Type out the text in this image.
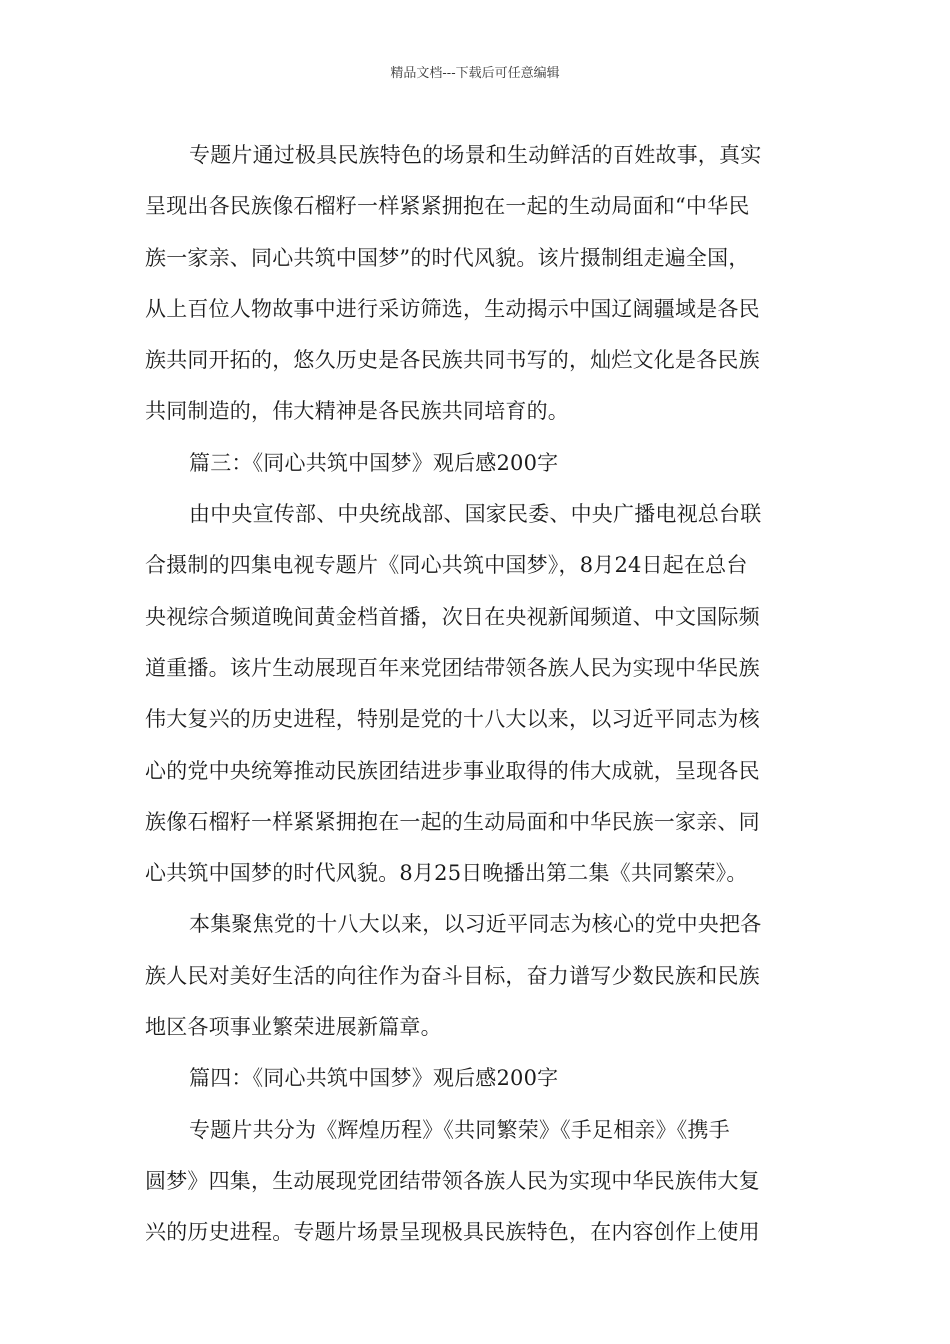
精品文档---下载后可任意编辑

专题片通过极具民族特色的场景和生动鲜活的百姓故事，真实
呈现出各民族像石榴籽一样紧紧拥抱在一起的生动局面和“中华民
族一家亲、同心共筑中国梦”的时代风貌。该片摄制组走遍全国，
从上百位人物故事中进行采访筛选，生动揭示中国辽阔疆域是各民
族共同开拓的，悠久历史是各民族共同书写的，灿烂文化是各民族
共同制造的，伟大精神是各民族共同培育的。

篇三：《同心共筑中国梦》观后感200字

由中央宣传部、中央统战部、国家民委、中央广播电视总台联
合摄制的四集电视专题片《同心共筑中国梦》，8月24日起在总台
央视综合频道晚间黄金档首播，次日在央视新闻频道、中文国际频
道重播。该片生动展现百年来党团结带领各族人民为实现中华民族
伟大复兴的历史进程，特别是党的十八大以来，以习近平同志为核
心的党中央统筹推动民族团结进步事业取得的伟大成就，呈现各民
族像石榴籽一样紧紧拥抱在一起的生动局面和中华民族一家亲、同
心共筑中国梦的时代风貌。8月25日晚播出第二集《共同繁荣》。

本集聚焦党的十八大以来，以习近平同志为核心的党中央把各
族人民对美好生活的向往作为奋斗目标，奋力谱写少数民族和民族
地区各项事业繁荣进展新篇章。

篇四：《同心共筑中国梦》观后感200字

专题片共分为《辉煌历程》《共同繁荣》《手足相亲》《携手
圆梦》四集，生动展现党团结带领各族人民为实现中华民族伟大复
兴的历史进程。专题片场景呈现极具民族特色，在内容创作上使用
